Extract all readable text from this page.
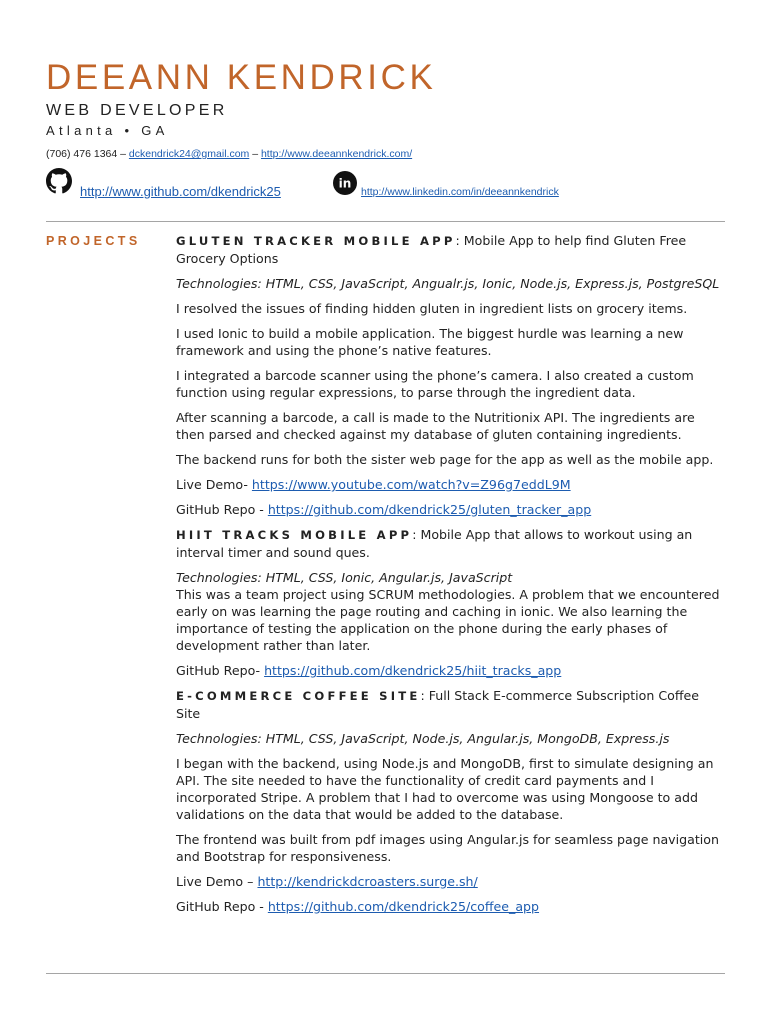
DEEANN KENDRICK
WEB DEVELOPER
Atlanta • GA
(706) 476 1364 – dckendrick24@gmail.com – http://www.deeannkendrick.com/
http://www.github.com/dkendrick25
in
http://www.linkedin.com/in/deeannkendrick
PROJECTS	GLUTEN TRACKER MOBILE APP: Mobile App to help find Gluten Free Grocery Options

Technologies: HTML, CSS, JavaScript, Angualr.js, Ionic, Node.js, Express.js, PostgreSQL

I resolved the issues of finding hidden gluten in ingredient lists on grocery items.

I used Ionic to build a mobile application. The biggest hurdle was learning a new framework and using the phone’s native features.

I integrated a barcode scanner using the phone’s camera. I also created a custom function using regular expressions, to parse through the ingredient data.

After scanning a barcode, a call is made to the Nutritionix API. The ingredients are then parsed and checked against my database of gluten containing ingredients.

The backend runs for both the sister web page for the app as well as the mobile app.

Live Demo- https://www.youtube.com/watch?v=Z96g7eddL9M

GitHub Repo - https://github.com/dkendrick25/gluten_tracker_app

HIIT TRACKS MOBILE APP: Mobile App that allows to workout using an interval timer and sound ques.

Technologies: HTML, CSS, Ionic, Angular.js, JavaScript

This was a team project using SCRUM methodologies. A problem that we encountered early on was learning the page routing and caching in ionic. We also learning the importance of testing the application on the phone during the early phases of development rather than later.

GitHub Repo- https://github.com/dkendrick25/hiit_tracks_app

E-COMMERCE COFFEE SITE: Full Stack E-commerce Subscription Coffee Site

Technologies: HTML, CSS, JavaScript, Node.js, Angular.js, MongoDB, Express.js

I began with the backend, using Node.js and MongoDB, first to simulate designing an API. The site needed to have the functionality of credit card payments and I incorporated Stripe. A problem that I had to overcome was using Mongoose to add validations on the data that would be added to the database.

The frontend was built from pdf images using Angular.js for seamless page navigation and Bootstrap for responsiveness.

Live Demo – http://kendrickdcroasters.surge.sh/

GitHub Repo - https://github.com/dkendrick25/coffee_app
